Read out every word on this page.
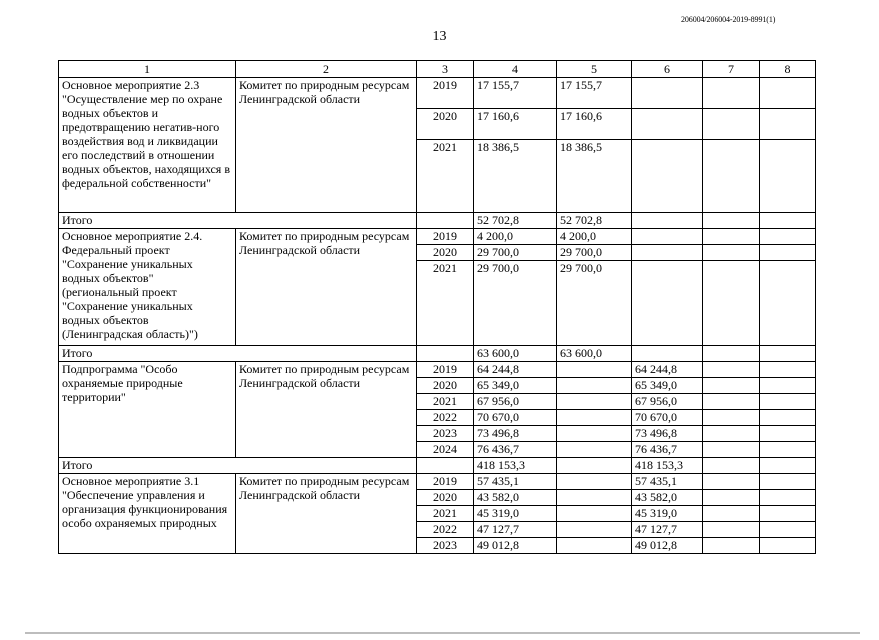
206004/206004-2019-8991(1)
13
1	2	3	4	5	6	7	8
Основное мероприятие 2.3 "Осуществление мер по охране водных объектов и предотвращению негатив-ного воздействия вод и ликвидации его последствий в отношении водных объектов, находящихся в федеральной собственности"	Комитет по природным ресурсам Ленинградской области	2019	17 155,7	17 155,7			
		2020	17 160,6	17 160,6			
		2021	18 386,5	18 386,5			
Итого			52 702,8	52 702,8			
Основное мероприятие 2.4. Федеральный проект "Сохранение уникальных водных объектов" (региональный проект "Сохранение уникальных водных объектов (Ленинградская область)")	Комитет по природным ресурсам Ленинградской области	2019	4 200,0	4 200,0			
		2020	29 700,0	29 700,0			
		2021	29 700,0	29 700,0			
Итого			63 600,0	63 600,0			
Подпрограмма "Особо охраняемые природные территории"	Комитет по природным ресурсам Ленинградской области	2019	64 244,8		64 244,8		
		2020	65 349,0		65 349,0		
		2021	67 956,0		67 956,0		
		2022	70 670,0		70 670,0		
		2023	73 496,8		73 496,8		
		2024	76 436,7		76 436,7		
Итого			418 153,3		418 153,3		
Основное мероприятие 3.1 "Обеспечение управления и организация функционирования особо охраняемых природных	Комитет по природным ресурсам Ленинградской области	2019	57 435,1		57 435,1		
		2020	43 582,0		43 582,0		
		2021	45 319,0		45 319,0		
		2022	47 127,7		47 127,7		
		2023	49 012,8		49 012,8		
